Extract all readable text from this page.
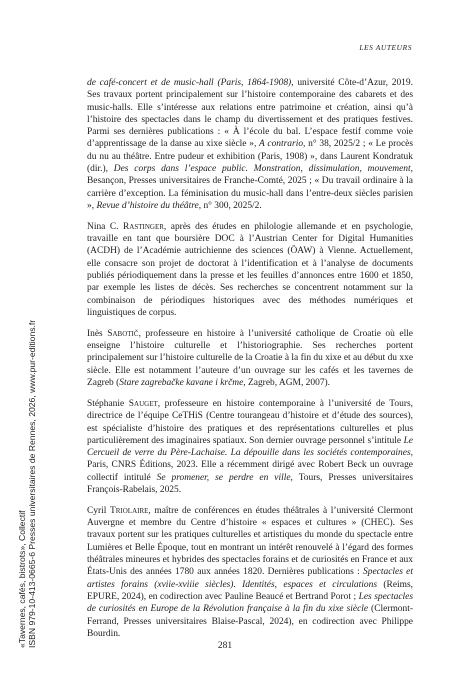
LES AUTEURS

de café-concert et de music-hall (Paris, 1864-1908), université Côte-d’Azur, 2019. Ses travaux portent principalement sur l’histoire contemporaine des cabarets et des music-halls. Elle s’intéresse aux relations entre patrimoine et création, ainsi qu’à l’histoire des spectacles dans le champ du divertissement et des pratiques festives. Parmi ses dernières publications : « À l’école du bal. L’espace festif comme voie d’apprentissage de la danse au xixe siècle », A contrario, n° 38, 2025/2 ; « Le procès du nu au théâtre. Entre pudeur et exhibition (Paris, 1908) », dans Laurent Kondratuk (dir.), Des corps dans l’espace public. Monstration, dissimulation, mouvement, Besançon, Presses universitaires de Franche-Comté, 2025 ; « Du travail ordinaire à la carrière d’exception. La féminisation du music-hall dans l’entre-deux siècles parisien », Revue d’histoire du théâtre, n° 300, 2025/2.

Nina C. Rastinger, après des études en philologie allemande et en psychologie, travaille en tant que boursière DOC à l’Austrian Center for Digital Humanities (ACDH) de l’Académie autrichienne des sciences (ÖAW) à Vienne. Actuellement, elle consacre son projet de doctorat à l’identification et à l’analyse de documents publiés périodiquement dans la presse et les feuilles d’annonces entre 1600 et 1850, par exemple les listes de décès. Ses recherches se concentrent notamment sur la combinaison de périodiques historiques avec des méthodes numériques et linguistiques de corpus.

Inès Sabotič, professeure en histoire à l’université catholique de Croatie où elle enseigne l’histoire culturelle et l’historiographie. Ses recherches portent principalement sur l’histoire culturelle de la Croatie à la fin du xixe et au début du xxe siècle. Elle est notamment l’auteure d’un ouvrage sur les cafés et les tavernes de Zagreb (Stare zagrebačke kavane i krčme, Zagreb, AGM, 2007).

Stéphanie Sauget, professeure en histoire contemporaine à l’université de Tours, directrice de l’équipe CeTHiS (Centre tourangeau d’histoire et d’étude des sources), est spécialiste d’histoire des pratiques et des représentations culturelles et plus particulièrement des imaginaires spatiaux. Son dernier ouvrage personnel s’intitule Le Cercueil de verre du Père-Lachaise. La dépouille dans les sociétés contemporaines, Paris, CNRS Éditions, 2023. Elle a récemment dirigé avec Robert Beck un ouvrage collectif intitulé Se promener, se perdre en ville, Tours, Presses universitaires François-Rabelais, 2025.

Cyril Triolaire, maître de conférences en études théâtrales à l’université Clermont Auvergne et membre du Centre d’histoire « espaces et cultures » (CHEC). Ses travaux portent sur les pratiques culturelles et artistiques du monde du spectacle entre Lumières et Belle Époque, tout en montrant un intérêt renouvelé à l’égard des formes théâtrales mineures et hybrides des spectacles forains et de curiosités en France et aux États-Unis des années 1780 aux années 1820. Dernières publications : Spectacles et artistes forains (xviie-xviiie siècles). Identités, espaces et circulations (Reims, EPURE, 2024), en codirection avec Pauline Beaucé et Bertrand Porot ; Les spectacles de curiosités en Europe de la Révolution française à la fin du xixe siècle (Clermont-Ferrand, Presses universitaires Blaise-Pascal, 2024), en codirection avec Philippe Bourdin.

281
«Tavernes, cafés, bistrots», Collectif ISBN 979-10-413-0665-6 Presses universitaires de Rennes, 2026, www.pur-editions.fr
